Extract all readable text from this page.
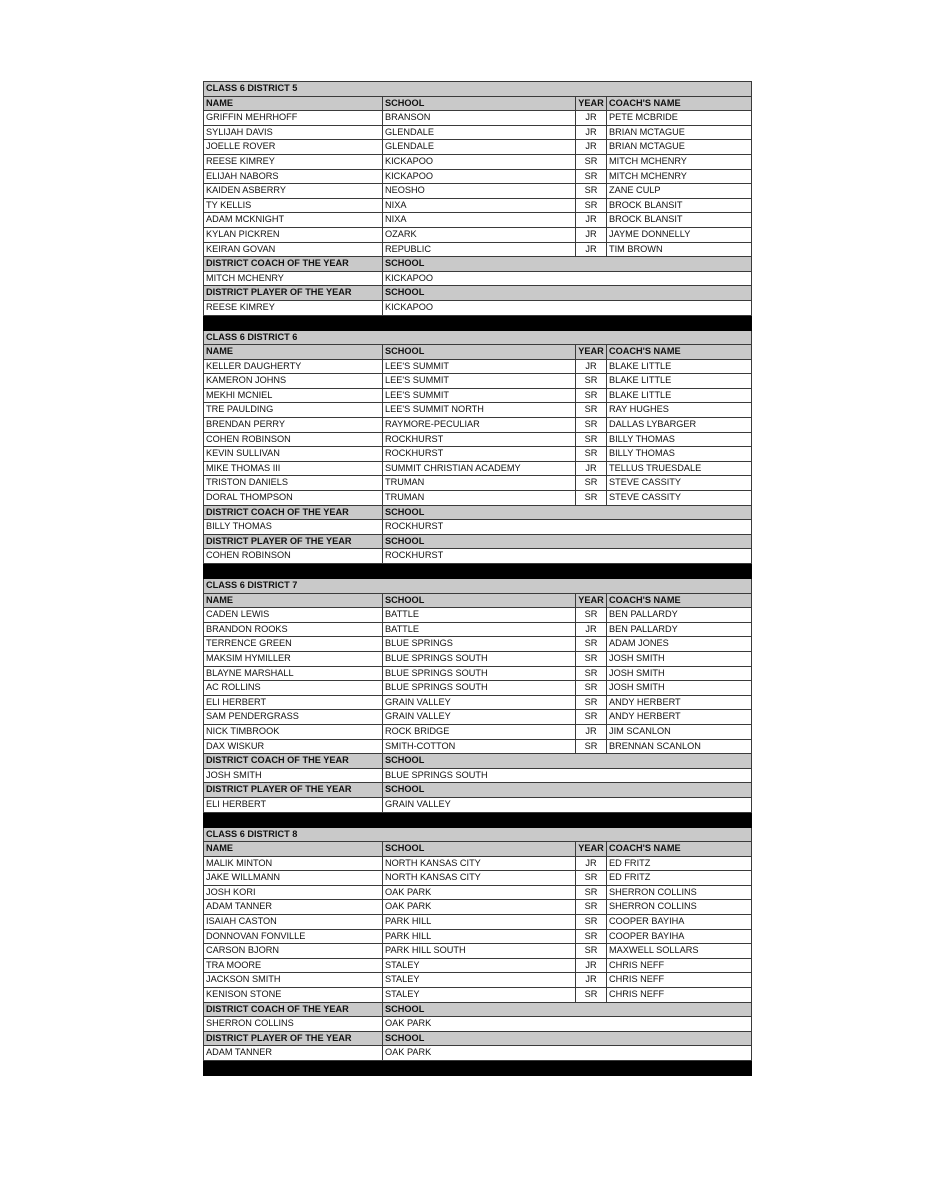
CLASS 6 DISTRICT 5			
NAME	SCHOOL	YEAR	COACH'S NAME
GRIFFIN MEHRHOFF	BRANSON	JR	PETE MCBRIDE
SYLIJAH DAVIS	GLENDALE	JR	BRIAN MCTAGUE
JOELLE ROVER	GLENDALE	JR	BRIAN MCTAGUE
REESE KIMREY	KICKAPOO	SR	MITCH MCHENRY
ELIJAH NABORS	KICKAPOO	SR	MITCH MCHENRY
KAIDEN ASBERRY	NEOSHO	SR	ZANE CULP
TY KELLIS	NIXA	SR	BROCK BLANSIT
ADAM MCKNIGHT	NIXA	JR	BROCK BLANSIT
KYLAN PICKREN	OZARK	JR	JAYME DONNELLY
KEIRAN GOVAN	REPUBLIC	JR	TIM BROWN
DISTRICT COACH OF THE YEAR	SCHOOL		
MITCH MCHENRY	KICKAPOO		
DISTRICT PLAYER OF THE YEAR	SCHOOL		
REESE KIMREY	KICKAPOO		

CLASS 6 DISTRICT 6			
NAME	SCHOOL	YEAR	COACH'S NAME
KELLER DAUGHERTY	LEE'S SUMMIT	JR	BLAKE LITTLE
KAMERON JOHNS	LEE'S SUMMIT	SR	BLAKE LITTLE
MEKHI MCNIEL	LEE'S SUMMIT	SR	BLAKE LITTLE
TRE PAULDING	LEE'S SUMMIT NORTH	SR	RAY HUGHES
BRENDAN PERRY	RAYMORE-PECULIAR	SR	DALLAS LYBARGER
COHEN ROBINSON	ROCKHURST	SR	BILLY THOMAS
KEVIN SULLIVAN	ROCKHURST	SR	BILLY THOMAS
MIKE THOMAS III	SUMMIT CHRISTIAN ACADEMY	JR	TELLUS TRUESDALE
TRISTON DANIELS	TRUMAN	SR	STEVE CASSITY
DORAL THOMPSON	TRUMAN	SR	STEVE CASSITY
DISTRICT COACH OF THE YEAR	SCHOOL		
BILLY THOMAS	ROCKHURST		
DISTRICT PLAYER OF THE YEAR	SCHOOL		
COHEN ROBINSON	ROCKHURST		

CLASS 6 DISTRICT 7			
NAME	SCHOOL	YEAR	COACH'S NAME
CADEN LEWIS	BATTLE	SR	BEN PALLARDY
BRANDON ROOKS	BATTLE	JR	BEN PALLARDY
TERRENCE GREEN	BLUE SPRINGS	SR	ADAM JONES
MAKSIM HYMILLER	BLUE SPRINGS SOUTH	SR	JOSH SMITH
BLAYNE MARSHALL	BLUE SPRINGS SOUTH	SR	JOSH SMITH
AC ROLLINS	BLUE SPRINGS SOUTH	SR	JOSH SMITH
ELI HERBERT	GRAIN VALLEY	SR	ANDY HERBERT
SAM PENDERGRASS	GRAIN VALLEY	SR	ANDY HERBERT
NICK TIMBROOK	ROCK BRIDGE	JR	JIM SCANLON
DAX WISKUR	SMITH-COTTON	SR	BRENNAN SCANLON
DISTRICT COACH OF THE YEAR	SCHOOL		
JOSH SMITH	BLUE SPRINGS SOUTH		
DISTRICT PLAYER OF THE YEAR	SCHOOL		
ELI HERBERT	GRAIN VALLEY		

CLASS 6 DISTRICT 8			
NAME	SCHOOL	YEAR	COACH'S NAME
MALIK MINTON	NORTH KANSAS CITY	JR	ED FRITZ
JAKE WILLMANN	NORTH KANSAS CITY	SR	ED FRITZ
JOSH KORI	OAK PARK	SR	SHERRON COLLINS
ADAM TANNER	OAK PARK	SR	SHERRON COLLINS
ISAIAH CASTON	PARK HILL	SR	COOPER BAYIHA
DONNOVAN FONVILLE	PARK HILL	SR	COOPER BAYIHA
CARSON BJORN	PARK HILL SOUTH	SR	MAXWELL SOLLARS
TRA MOORE	STALEY	JR	CHRIS NEFF
JACKSON SMITH	STALEY	JR	CHRIS NEFF
KENISON STONE	STALEY	SR	CHRIS NEFF
DISTRICT COACH OF THE YEAR	SCHOOL		
SHERRON COLLINS	OAK PARK		
DISTRICT PLAYER OF THE YEAR	SCHOOL		
ADAM TANNER	OAK PARK		
